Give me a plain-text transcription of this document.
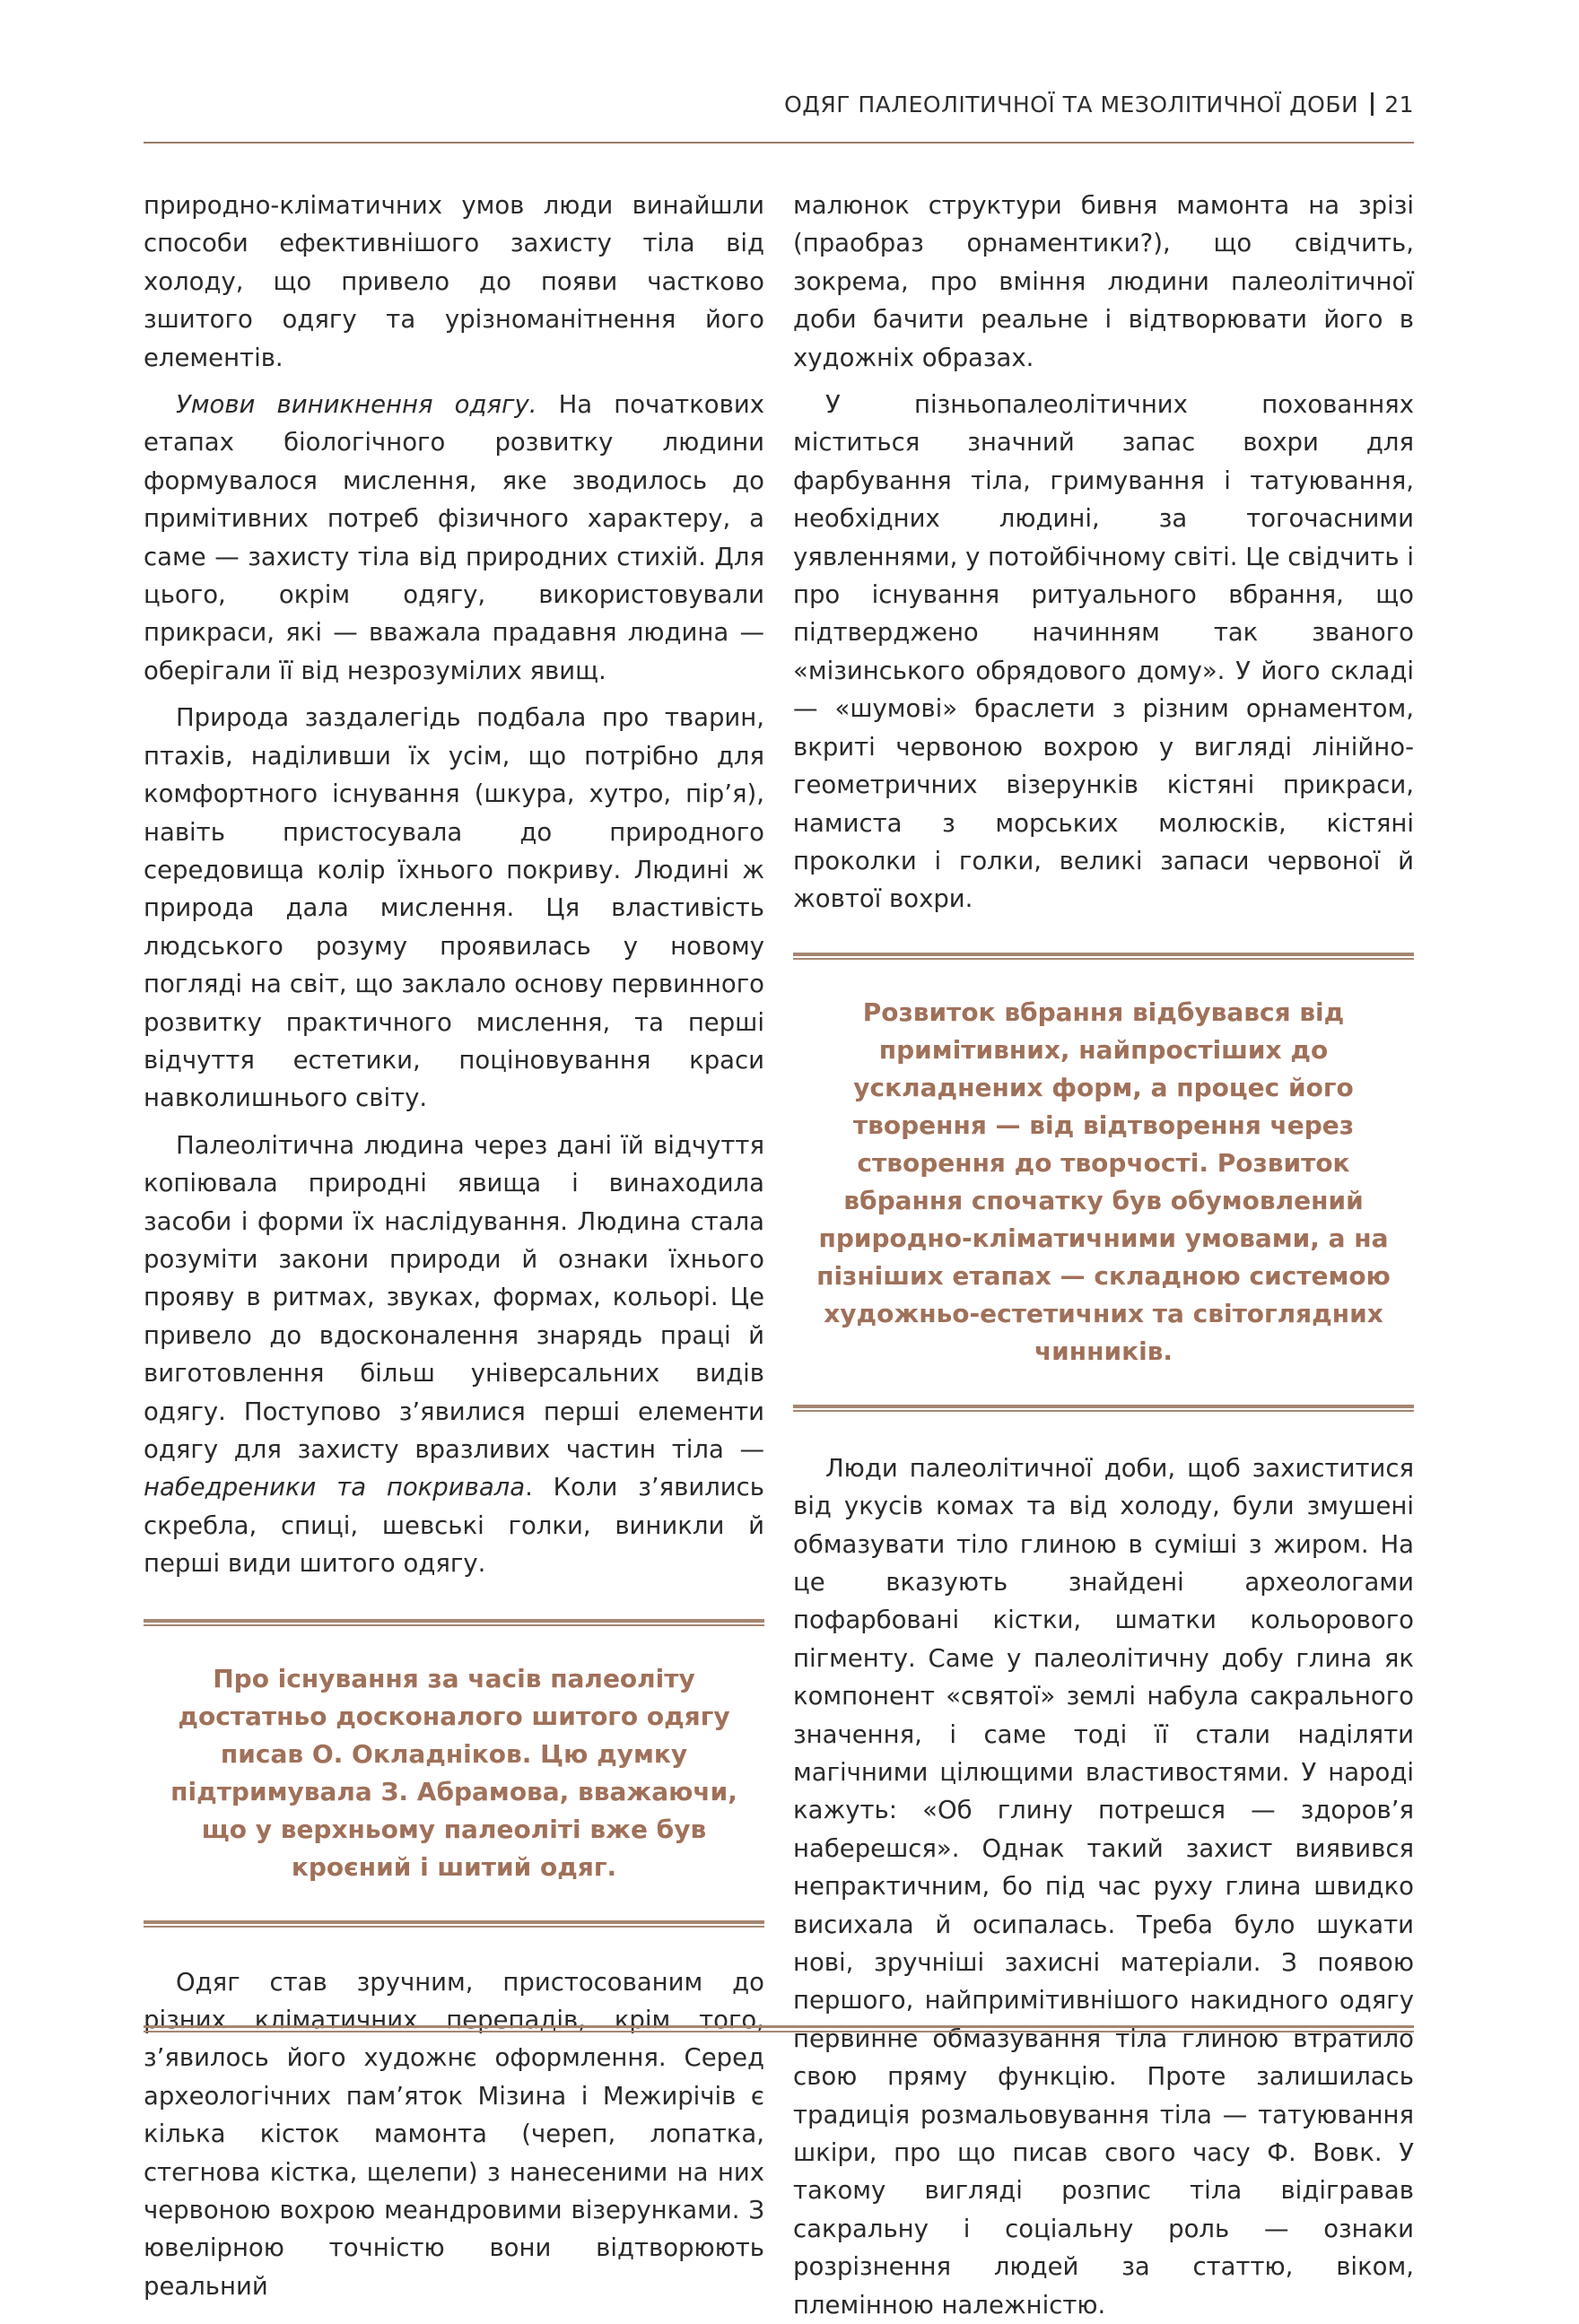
ОДЯГ ПАЛЕОЛІТИЧНОЇ ТА МЕЗОЛІТИЧНОЇ ДОБИ 21

природно-кліматичних умов люди винайшли способи ефективнішого захисту тіла від холоду, що привело до появи частково зшитого одягу та урізноманітнення його елементів.

Умови виникнення одягу. На початкових етапах біологічного розвитку людини формувалося мислення, яке зводилось до примітивних потреб фізичного характеру, а саме — захисту тіла від природних стихій. Для цього, окрім одягу, використовували прикраси, які — вважала прадавня людина — оберігали її від незрозумілих явищ.

Природа заздалегідь подбала про тварин, птахів, наділивши їх усім, що потрібно для комфортного існування (шкура, хутро, пір’я), навіть пристосувала до природного середовища колір їхнього покриву. Людині ж природа дала мислення. Ця властивість людського розуму проявилась у новому погляді на світ, що заклало основу первинного розвитку практичного мислення, та перші відчуття естетики, поціновування краси навколишнього світу.

Палеолітична людина через дані їй відчуття копіювала природні явища і винаходила засоби і форми їх наслідування. Людина стала розуміти закони природи й ознаки їхнього прояву в ритмах, звуках, формах, кольорі. Це привело до вдосконалення знарядь праці й виготовлення більш універсальних видів одягу. Поступово з’явилися перші елементи одягу для захисту вразливих частин тіла — набедреники та покривала. Коли з’явились скребла, спиці, шевські голки, виникли й перші види шитого одягу.

Про існування за часів палеоліту достатньо досконалого шитого одягу писав О. Окладніков. Цю думку підтримувала З. Абрамова, вважаючи, що у верхньому палеоліті вже був кроєний і шитий одяг.

Одяг став зручним, пристосованим до різних кліматичних перепадів, крім того, з’явилось його художнє оформлення. Серед археологічних пам’яток Мізина і Межирічів є кілька кісток мамонта (череп, лопатка, стегнова кістка, щелепи) з нанесеними на них червоною вохрою меандровими візерунками. З ювелірною точністю вони відтворюють реальний

малюнок структури бивня мамонта на зрізі (праобраз орнаментики?), що свідчить, зокрема, про вміння людини палеолітичної доби бачити реальне і відтворювати його в художніх образах.

У пізньопалеолітичних похованнях міститься значний запас вохри для фарбування тіла, гримування і татуювання, необхідних людині, за тогочасними уявленнями, у потойбічному світі. Це свідчить і про існування ритуального вбрання, що підтверджено начинням так званого «мізинського обрядового дому». У його складі — «шумові» браслети з різним орнаментом, вкриті червоною вохрою у вигляді лінійно-геометричних візерунків кістяні прикраси, намиста з морських молюсків, кістяні проколки і голки, великі запаси червоної й жовтої вохри.

Розвиток вбрання відбувався від примітивних, найпростіших до ускладнених форм, а процес його творення — від відтворення через створення до творчості. Розвиток вбрання спочатку був обумовлений природно-кліматичними умовами, а на пізніших етапах — складною системою художньо-естетичних та світоглядних чинників.

Люди палеолітичної доби, щоб захиститися від укусів комах та від холоду, були змушені обмазувати тіло глиною в суміші з жиром. На це вказують знайдені археологами пофарбовані кістки, шматки кольорового пігменту. Саме у палеолітичну добу глина як компонент «святої» землі набула сакрального значення, і саме тоді її стали наділяти магічними цілющими властивостями. У народі кажуть: «Об глину потрешся — здоров’я наберешся». Однак такий захист виявився непрактичним, бо під час руху глина швидко висихала й осипалась. Треба було шукати нові, зручніші захисні матеріали. З появою першого, найпримітивнішого накидного одягу первинне обмазування тіла глиною втратило свою пряму функцію. Проте залишилась традиція розмальовування тіла — татуювання шкіри, про що писав свого часу Ф. Вовк. У такому вигляді розпис тіла відігравав сакральну і соціальну роль — ознаки розрізнення людей за статтю, віком, племінною належністю.
